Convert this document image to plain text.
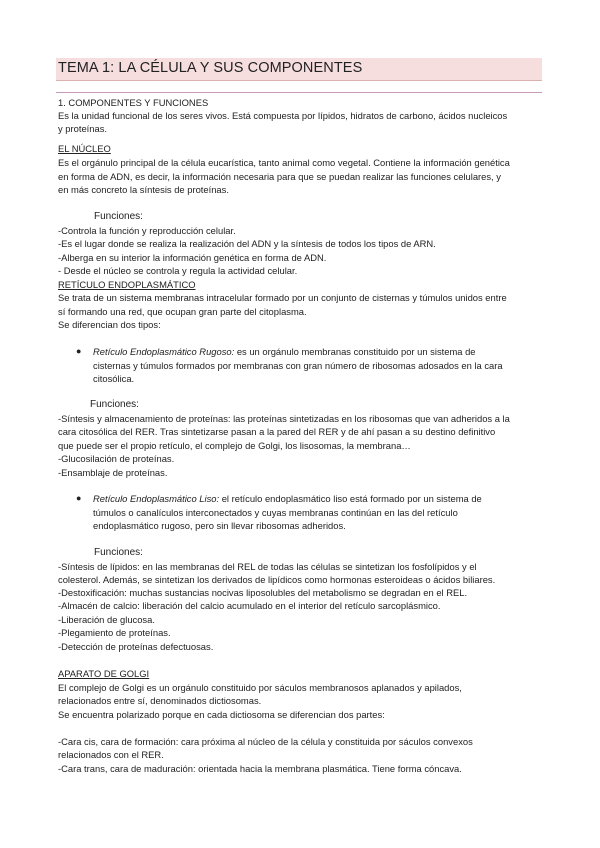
TEMA 1: LA CÉLULA Y SUS COMPONENTES
1. COMPONENTES Y FUNCIONES
Es la unidad funcional de los seres vivos. Está compuesta por lípidos, hidratos de carbono, ácidos nucleicos
y proteínas.
EL NÚCLEO
Es el orgánulo principal de la célula eucarística, tanto animal como vegetal. Contiene la información genética
en forma de ADN, es decir, la información necesaria para que se puedan realizar las funciones celulares, y
en más concreto la síntesis de proteínas.
Funciones:
-Controla la función y reproducción celular.
-Es el lugar donde se realiza la realización del ADN y la síntesis de todos los tipos de ARN.
-Alberga en su interior la información genética en forma de ADN.
- Desde el núcleo se controla y regula la actividad celular.
RETÍCULO ENDOPLASMÁTICO
Se trata de un sistema membranas intracelular formado por un conjunto de cisternas y túmulos unidos entre
sí formando una red, que ocupan gran parte del citoplasma.
Se diferencian dos tipos:
● Retículo Endoplasmático Rugoso: es un orgánulo membranas constituido por un sistema de
cisternas y túmulos formados por membranas con gran número de ribosomas adosados en la cara
citosólica.
Funciones:
-Síntesis y almacenamiento de proteínas: las proteínas sintetizadas en los ribosomas que van adheridos a la
cara citosólica del RER. Tras sintetizarse pasan a la pared del RER y de ahí pasan a su destino definitivo
que puede ser el propio retículo, el complejo de Golgi, los lisosomas, la membrana…
-Glucosilación de proteínas.
-Ensamblaje de proteínas.
● Retículo Endoplasmático Liso: el retículo endoplasmático liso está formado por un sistema de
túmulos o canalículos interconectados y cuyas membranas continúan en las del retículo
endoplasmático rugoso, pero sin llevar ribosomas adheridos.
Funciones:
-Síntesis de lípidos: en las membranas del REL de todas las células se sintetizan los fosfolípidos y el
colesterol. Además, se sintetizan los derivados de lipídicos como hormonas esteroideas o ácidos biliares.
-Destoxificación: muchas sustancias nocivas liposolubles del metabolismo se degradan en el REL.
-Almacén de calcio: liberación del calcio acumulado en el interior del retículo sarcoplásmico.
-Liberación de glucosa.
-Plegamiento de proteínas.
-Detección de proteínas defectuosas.
APARATO DE GOLGI
El complejo de Golgi es un orgánulo constituido por sáculos membranosos aplanados y apilados,
relacionados entre sí, denominados dictiosomas.
Se encuentra polarizado porque en cada dictiosoma se diferencian dos partes:
-Cara cis, cara de formación: cara próxima al núcleo de la célula y constituida por sáculos convexos
relacionados con el RER.
-Cara trans, cara de maduración: orientada hacia la membrana plasmática. Tiene forma cóncava.
